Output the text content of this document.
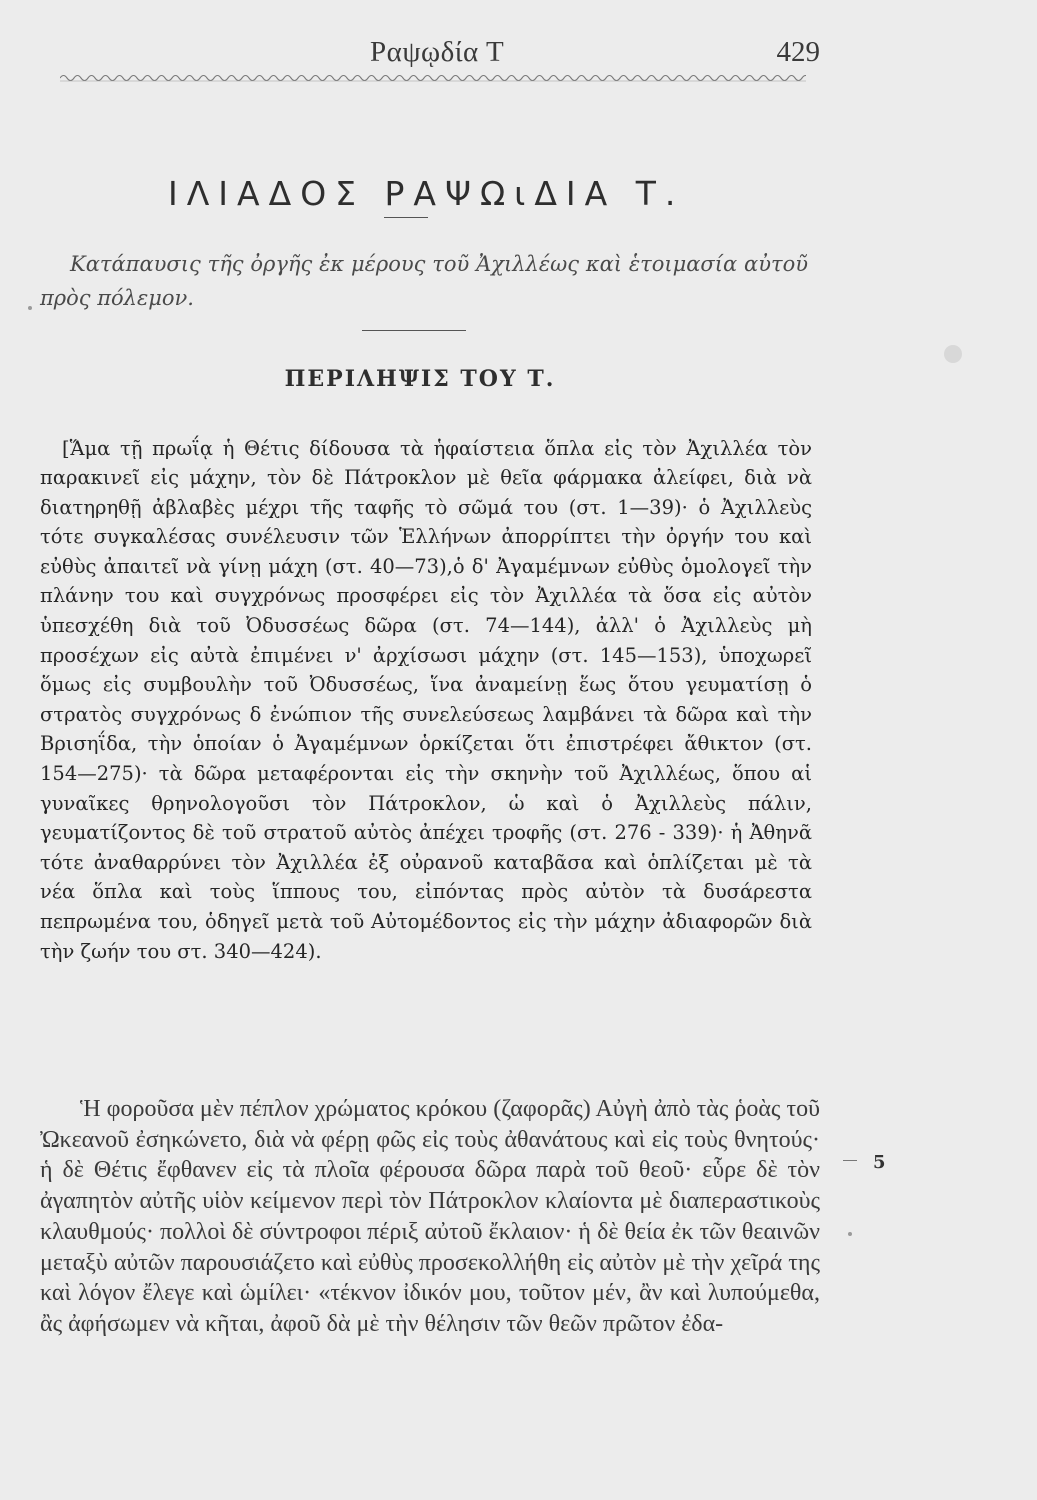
Ραψῳδία Τ	429
ΙΛΙΑΔΟΣ ΡΑΨΩιΔΙΑ Τ.
Κατάπαυσις τῆς ὀργῆς ἐκ μέρους τοῦ Ἀχιλλέως καὶ ἑτοιμασία αὐτοῦ πρὸς πόλεμον.
ΠΕΡΙΛΗΨΙΣ ΤΟΥ Τ.

[Ἅμα τῇ πρωΐᾳ ἡ Θέτις δίδουσα τὰ ἡφαίστεια ὅπλα εἰς τὸν Ἀχιλλέα τὸν παρακινεῖ εἰς μάχην, τὸν δὲ Πάτροκλον μὲ θεῖα φάρμακα ἀλείφει, διὰ νὰ διατηρηθῇ ἀβλαβὲς μέχρι τῆς ταφῆς τὸ σῶμά του (στ. 1—39)· ὁ Ἀχιλλεὺς τότε συγκαλέσας συνέλευσιν τῶν Ἑλλήνων ἀπορρίπτει τὴν ὀργήν του καὶ εὐθὺς ἀπαιτεῖ νὰ γίνῃ μάχη (στ. 40—73),ὁ δ' Ἀγαμέμνων εὐθὺς ὁμολογεῖ τὴν πλάνην του καὶ συγχρόνως προσφέρει εἰς τὸν Ἀχιλλέα τὰ ὅσα εἰς αὐτὸν ὑπεσχέθη διὰ τοῦ Ὀδυσσέως δῶρα (στ. 74—144), ἀλλ' ὁ Ἀχιλλεὺς μὴ προσέχων εἰς αὐτὰ ἐπιμένει ν' ἀρχίσωσι μάχην (στ. 145—153), ὑποχωρεῖ ὅμως εἰς συμβουλὴν τοῦ Ὀδυσσέως, ἵνα ἀναμείνῃ ἕως ὅτου γευματίσῃ ὁ στρατὸς συγχρόνως δ ἐνώπιον τῆς συνελεύσεως λαμβάνει τὰ δῶρα καὶ τὴν Βρισηΐδα, τὴν ὁποίαν ὁ Ἀγαμέμνων ὁρκίζεται ὅτι ἐπιστρέφει ἄθικτον (στ. 154—275)· τὰ δῶρα μεταφέρονται εἰς τὴν σκηνὴν τοῦ Ἀχιλλέως, ὅπου αἱ γυναῖκες θρηνολογοῦσι τὸν Πάτροκλον, ὡ καὶ ὁ Ἀχιλλεὺς πάλιν, γευματίζοντος δὲ τοῦ στρατοῦ αὐτὸς ἀπέχει τροφῆς (στ. 276 - 339)· ἡ Ἀθηνᾶ τότε ἀναθαρρύνει τὸν Ἀχιλλέα ἐξ οὐρανοῦ καταβᾶσα καὶ ὁπλίζεται μὲ τὰ νέα ὅπλα καὶ τοὺς ἵππους του, εἰπόντας πρὸς αὐτὸν τὰ δυσάρεστα πεπρωμένα του, ὁδηγεῖ μετὰ τοῦ Αὐτομέδοντος εἰς τὴν μάχην ἀδιαφορῶν διὰ τὴν ζωήν του στ. 340—424).

Ἡ φοροῦσα μὲν πέπλον χρώματος κρόκου (ζαφορᾶς) Αὐγὴ ἀπὸ τὰς ῥοὰς τοῦ Ὠκεανοῦ ἐσηκώνετο, διὰ νὰ φέρῃ φῶς εἰς τοὺς ἀθανάτους καὶ εἰς τοὺς θνητούς· ἡ δὲ Θέτις ἔφθανεν εἰς τὰ πλοῖα φέρουσα δῶρα παρὰ τοῦ θεοῦ· εὗρε δὲ τὸν ἀγαπητὸν αὐτῆς υἱὸν κείμενον περὶ τὸν Πάτροκλον κλαίοντα μὲ διαπεραστικοὺς κλαυθμούς· πολλοὶ δὲ σύντροφοι πέριξ αὐτοῦ ἔκλαιον· ἡ δὲ θεία ἐκ τῶν θεαινῶν μεταξὺ αὐτῶν παρουσιάζετο καὶ εὐθὺς προσεκολλήθη εἰς αὐτὸν μὲ τὴν χεῖρά της καὶ λόγον ἔλεγε καὶ ὡμίλει· «τέκνον ἰδικόν μου, τοῦτον μέν, ἂν καὶ λυπούμεθα, ἂς ἀφήσωμεν νὰ κῆται, ἀφοῦ δὰ μὲ τὴν θέλησιν τῶν θεῶν πρῶτον ἐδα-

5
